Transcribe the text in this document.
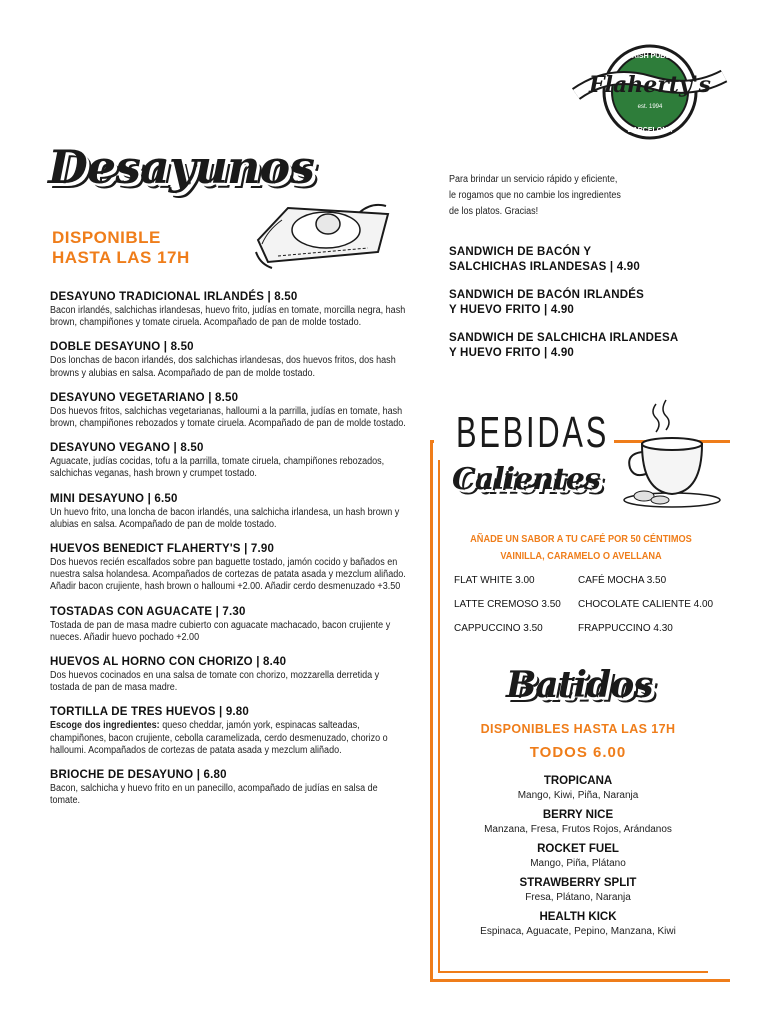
IRISH PUBS
BARCELONA
Flaherty's
est. 1994
Desayunos
DISPONIBLE
HASTA LAS 17H
DESAYUNO TRADICIONAL IRLANDÉS | 8.50
Bacon irlandés, salchichas irlandesas, huevo frito, judías en tomate, morcilla negra, hash brown, champiñones y tomate ciruela. Acompañado de pan de molde tostado.
DOBLE DESAYUNO | 8.50
Dos lonchas de bacon irlandés, dos salchichas irlandesas, dos huevos fritos, dos hash browns y alubias en salsa. Acompañado de pan de molde tostado.
DESAYUNO VEGETARIANO | 8.50
Dos huevos fritos, salchichas vegetarianas, halloumi a la parrilla, judías en tomate, hash brown, champiñones rebozados y tomate ciruela. Acompañado de pan de molde tostado.
DESAYUNO VEGANO | 8.50
Aguacate, judías cocidas, tofu a la parrilla, tomate ciruela, champiñones rebozados, salchichas veganas, hash brown y crumpet tostado.
MINI DESAYUNO | 6.50
Un huevo frito, una loncha de bacon irlandés, una salchicha irlandesa, un hash brown y alubias en salsa. Acompañado de pan de molde tostado.
HUEVOS BENEDICT FLAHERTY'S | 7.90
Dos huevos recién escalfados sobre pan baguette tostado, jamón cocido y bañados en nuestra salsa holandesa. Acompañados de cortezas de patata asada y mezclum aliñado. Añadir bacon crujiente, hash brown o halloumi +2.00. Añadir cerdo desmenuzado +3.50
TOSTADAS CON AGUACATE | 7.30
Tostada de pan de masa madre cubierto con aguacate machacado, bacon crujiente y nueces. Añadir huevo pochado +2.00
HUEVOS AL HORNO CON CHORIZO | 8.40
Dos huevos cocinados en una salsa de tomate con chorizo, mozzarella derretida y tostada de pan de masa madre.
TORTILLA DE TRES HUEVOS | 9.80
Escoge dos ingredientes: queso cheddar, jamón york, espinacas salteadas, champiñones, bacon crujiente, cebolla caramelizada, cerdo desmenuzado, chorizo o halloumi. Acompañados de cortezas de patata asada y mezclum aliñado.
BRIOCHE DE DESAYUNO | 6.80
Bacon, salchicha y huevo frito en un panecillo, acompañado de judías en salsa de tomate.
Para brindar un servicio rápido y eficiente,
le rogamos que no cambie los ingredientes
de los platos. Gracias!
SANDWICH DE BACÓN Y
SALCHICHAS IRLANDESAS | 4.90
SANDWICH DE BACÓN IRLANDÉS
Y HUEVO FRITO | 4.90
SANDWICH DE SALCHICHA IRLANDESA
Y HUEVO FRITO | 4.90
BEBIDAS
Calientes
AÑADE UN SABOR A TU CAFÉ POR 50 CÉNTIMOS
VAINILLA, CARAMELO O AVELLANA
FLAT WHITE 3.00	CAFÉ MOCHA 3.50
LATTE CREMOSO 3.50	CHOCOLATE CALIENTE 4.00
CAPPUCCINO 3.50	FRAPPUCCINO 4.30
Batidos
DISPONIBLES HASTA LAS 17H
TODOS 6.00
TROPICANA
Mango, Kiwi, Piña, Naranja
BERRY NICE
Manzana, Fresa, Frutos Rojos, Arándanos
ROCKET FUEL
Mango, Piña, Plátano
STRAWBERRY SPLIT
Fresa, Plátano, Naranja
HEALTH KICK
Espinaca, Aguacate, Pepino, Manzana, Kiwi
